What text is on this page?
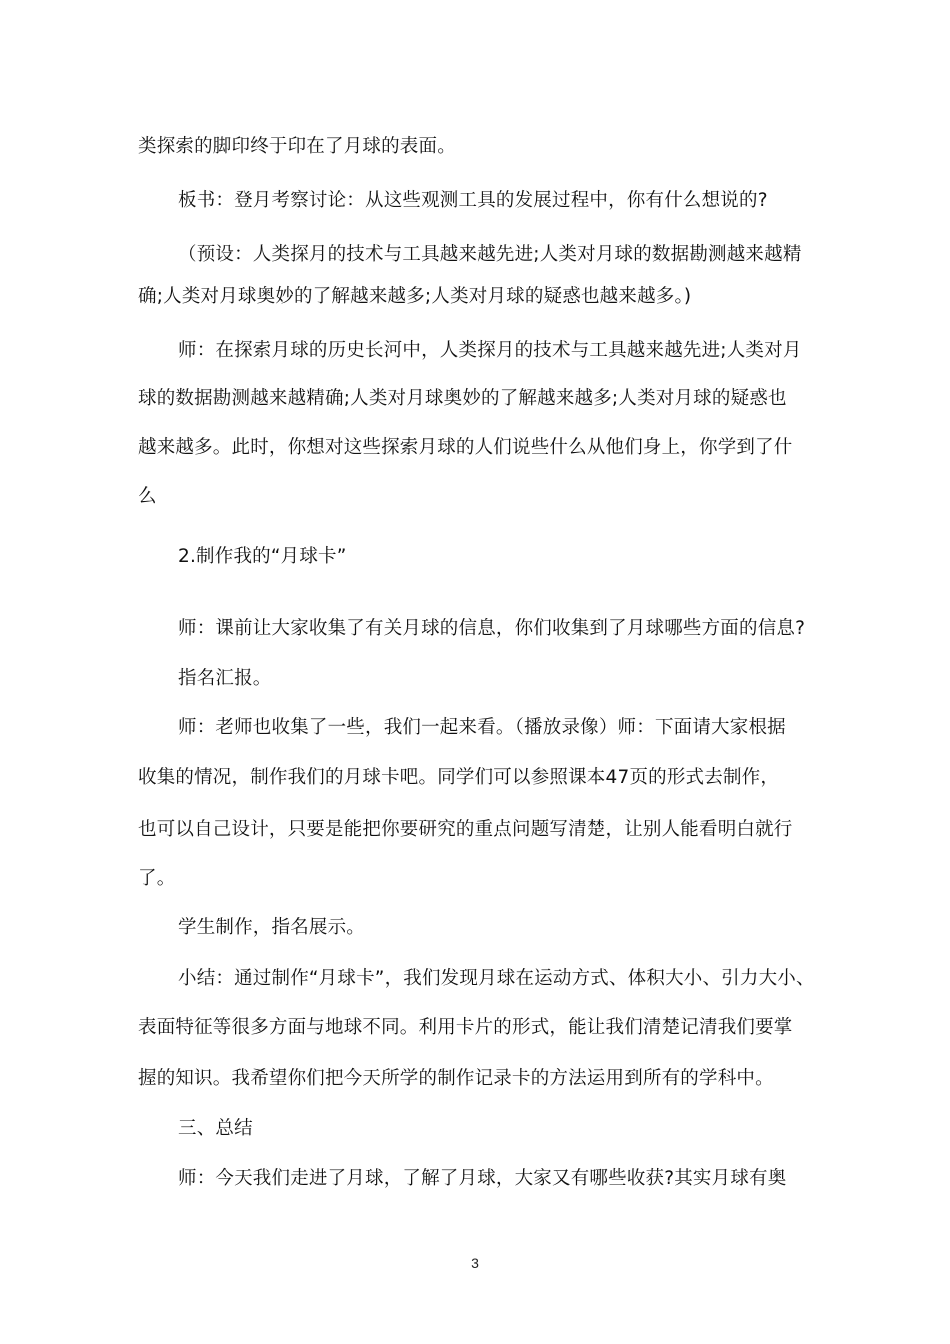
类探索的脚印终于印在了月球的表面。
板书：登月考察讨论：从这些观测工具的发展过程中，你有什么想说的?
（预设：人类探月的技术与工具越来越先进;人类对月球的数据勘测越来越精
确;人类对月球奥妙的了解越来越多;人类对月球的疑惑也越来越多。)
师：在探索月球的历史长河中，人类探月的技术与工具越来越先进;人类对月
球的数据勘测越来越精确;人类对月球奥妙的了解越来越多;人类对月球的疑惑也
越来越多。此时，你想对这些探索月球的人们说些什么从他们身上，你学到了什
么
2.制作我的“月球卡”
师：课前让大家收集了有关月球的信息，你们收集到了月球哪些方面的信息?
指名汇报。
师：老师也收集了一些，我们一起来看。（播放录像）师：下面请大家根据
收集的情况，制作我们的月球卡吧。同学们可以参照课本47页的形式去制作，
也可以自己设计，只要是能把你要研究的重点问题写清楚，让别人能看明白就行
了。
学生制作，指名展示。
小结：通过制作“月球卡”，我们发现月球在运动方式、体积大小、引力大小、
表面特征等很多方面与地球不同。利用卡片的形式，能让我们清楚记清我们要掌
握的知识。我希望你们把今天所学的制作记录卡的方法运用到所有的学科中。
三、总结
师：今天我们走进了月球，了解了月球，大家又有哪些收获?其实月球有奥
3
